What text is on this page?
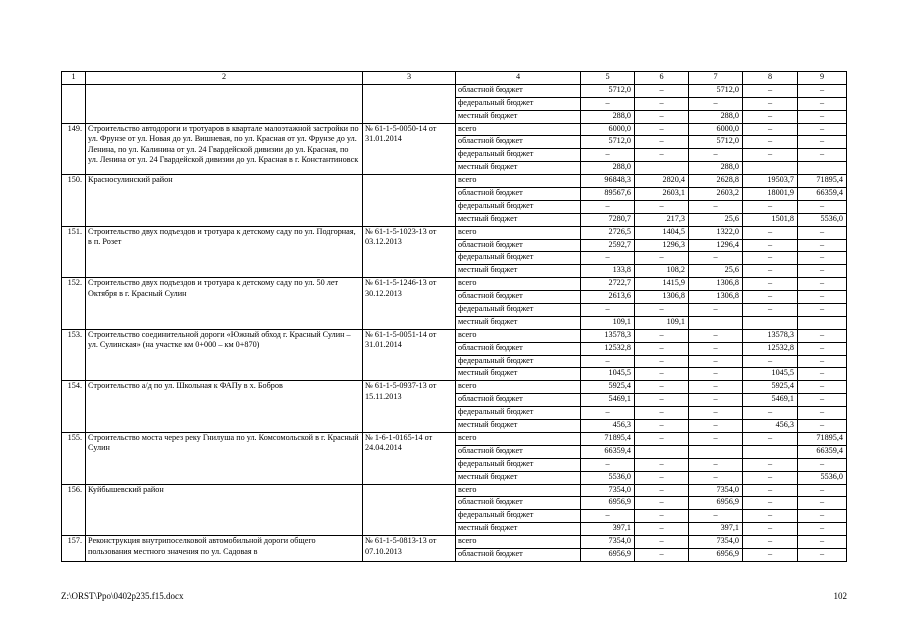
1	2	3	4	5	6	7	8	9
			областной бюджет	5712,0	–	5712,0	–	–
			федеральный бюджет	–	–	–	–	–
			местный бюджет	288,0	–	288,0	–	–
149.	Строительство автодороги и тротуаров в квартале малоэтажной застройки по ул. Фрунзе от ул. Новая до ул. Вишневая, по ул. Красная от ул. Фрунзе до ул. Ленина, по ул. Калинина от ул. 24 Гвардейской дивизии до ул. Красная, по ул. Ленина от ул. 24 Гвардейской дивизии до ул. Красная в г. Константиновск	№ 61-1-5-0050-14 от 31.01.2014	всего	6000,0	–	6000,0	–	–
			областной бюджет	5712,0	–	5712,0	–	–
			федеральный бюджет	–	–	–	–	–
			местный бюджет	288,0		288,0		
150.	Красносулинский район		всего	96848,3	2820,4	2628,8	19503,7	71895,4
			областной бюджет	89567,6	2603,1	2603,2	18001,9	66359,4
			федеральный бюджет	–	–	–	–	–
			местный бюджет	7280,7	217,3	25,6	1501,8	5536,0
151.	Строительство двух подъездов и тротуара к детскому саду по ул. Подгорная, в п. Розет	№ 61-1-5-1023-13 от 03.12.2013	всего	2726,5	1404,5	1322,0	–	–
			областной бюджет	2592,7	1296,3	1296,4	–	–
			федеральный бюджет	–	–	–	–	–
			местный бюджет	133,8	108,2	25,6	–	–
152.	Строительство двух подъездов и тротуара к детскому саду по ул. 50 лет Октября в г. Красный Сулин	№ 61-1-5-1246-13 от 30.12.2013	всего	2722,7	1415,9	1306,8	–	–
			областной бюджет	2613,6	1306,8	1306,8	–	–
			федеральный бюджет	–	–	–	–	–
			местный бюджет	109,1	109,1			
153.	Строительство соединительной дороги «Южный обход г. Красный Сулин – ул. Сулинская» (на участке км 0+000 – км 0+870)	№ 61-1-5-0051-14 от 31.01.2014	всего	13578,3	–	–	13578,3	–
			областной бюджет	12532,8	–	–	12532,8	–
			федеральный бюджет	–	–	–	–	–
			местный бюджет	1045,5	–	–	1045,5	–
154.	Строительство а/д по ул. Школьная к ФАПу в х. Бобров	№ 61-1-5-0937-13 от 15.11.2013	всего	5925,4	–	–	5925,4	–
			областной бюджет	5469,1	–	–	5469,1	–
			федеральный бюджет	–	–	–	–	–
			местный бюджет	456,3	–	–	456,3	–
155.	Строительство моста через реку Гнилуша по ул. Комсомольской в г. Красный Сулин	№ 1-6-1-0165-14 от 24.04.2014	всего	71895,4	–	–	–	71895,4
			областной бюджет	66359,4				66359,4
			федеральный бюджет	–	–	–	–	–
			местный бюджет	5536,0	–	–	–	5536,0
156.	Куйбышевский район		всего	7354,0	–	7354,0	–	–
			областной бюджет	6956,9	–	6956,9	–	–
			федеральный бюджет	–	–	–	–	–
			местный бюджет	397,1	–	397,1	–	–
157.	Реконструкция внутрипоселковой автомобильной дороги общего пользования местного значения по ул. Садовая в	№ 61-1-5-0813-13 от 07.10.2013	всего	7354,0	–	7354,0	–	–
			областной бюджет	6956,9	–	6956,9	–	–
Z:\ORST\Ppo\0402p235.f15.docx	102
